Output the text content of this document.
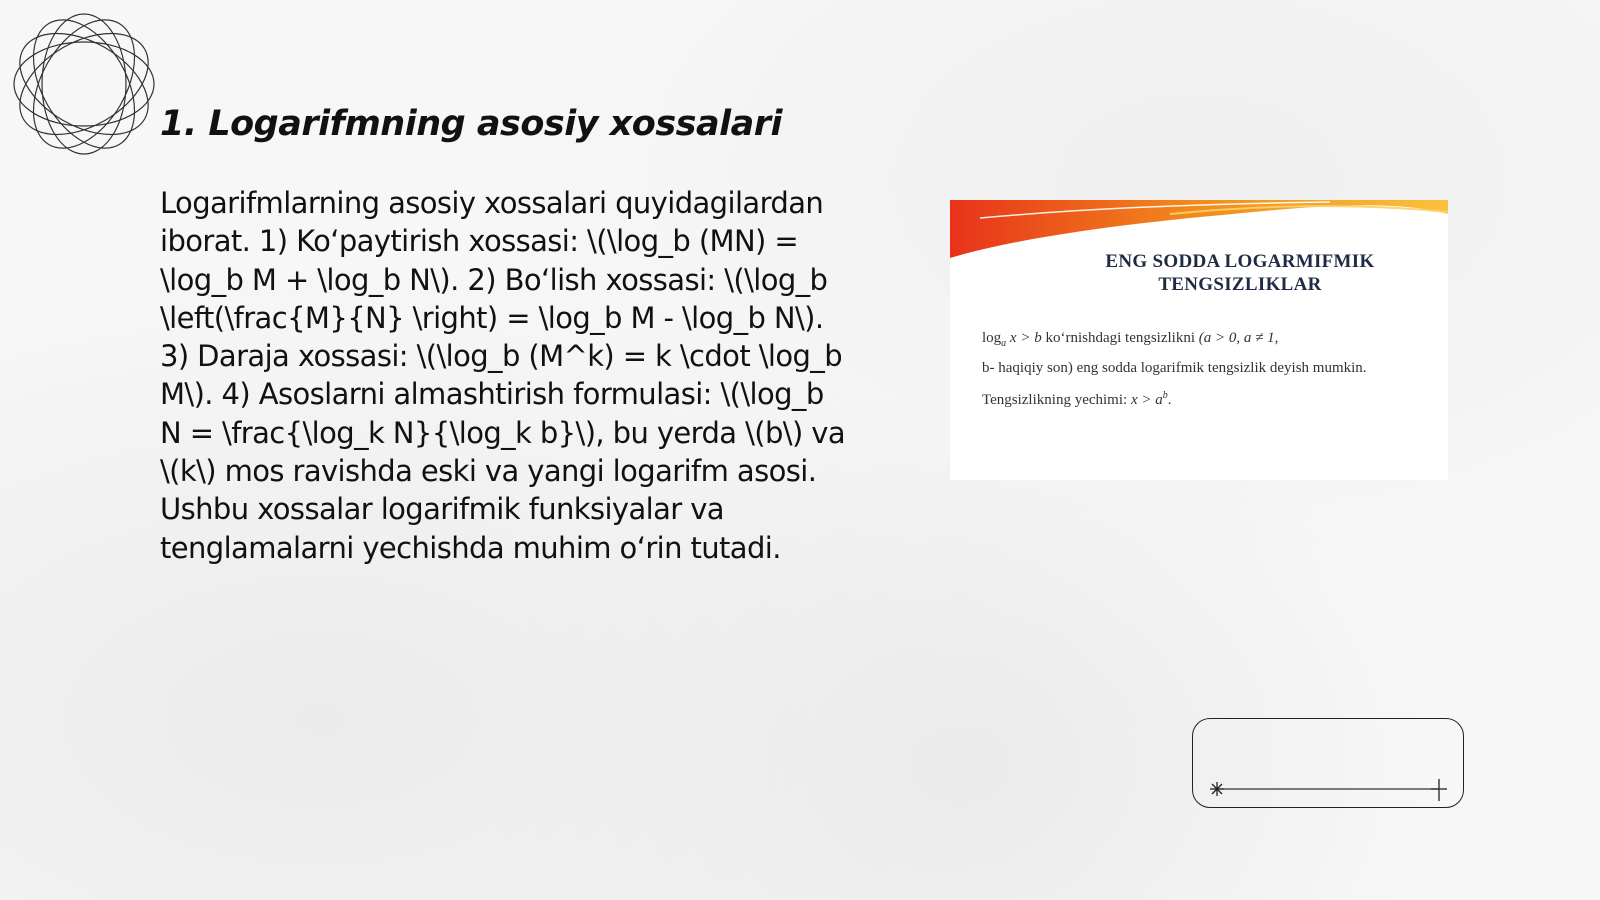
1. Logarifmning asosiy xossalari

Logarifmlarning asosiy xossalari quyidagilardan iborat. 1) Koʻpaytirish xossasi: \(\log_b (MN) = \log_b M + \log_b N\). 2) Boʻlish xossasi: \(\log_b \left(\frac{M}{N} \right) = \log_b M - \log_b N\). 3) Daraja xossasi: \(\log_b (M^k) = k \cdot \log_b M\). 4) Asoslarni almashtirish formulasi: \(\log_b N = \frac{\log_k N}{\log_k b}\), bu yerda \(b\) va \(k\) mos ravishda eski va yangi logarifm asosi. Ushbu xossalar logarifmik funksiyalar va tenglamalarni yechishda muhim oʻrin tutadi.

ENG SODDA LOGARMIFMIK TENGSIZLIKLAR
$\log_a x > b$ koʻrnishdagi tengsizlikni (a > 0, a ≠ 1,
b- haqiqiy son) eng sodda logarifmik tengsizlik deyish mumkin.
Tengsizlikning yechimi: $x > a^b$.
